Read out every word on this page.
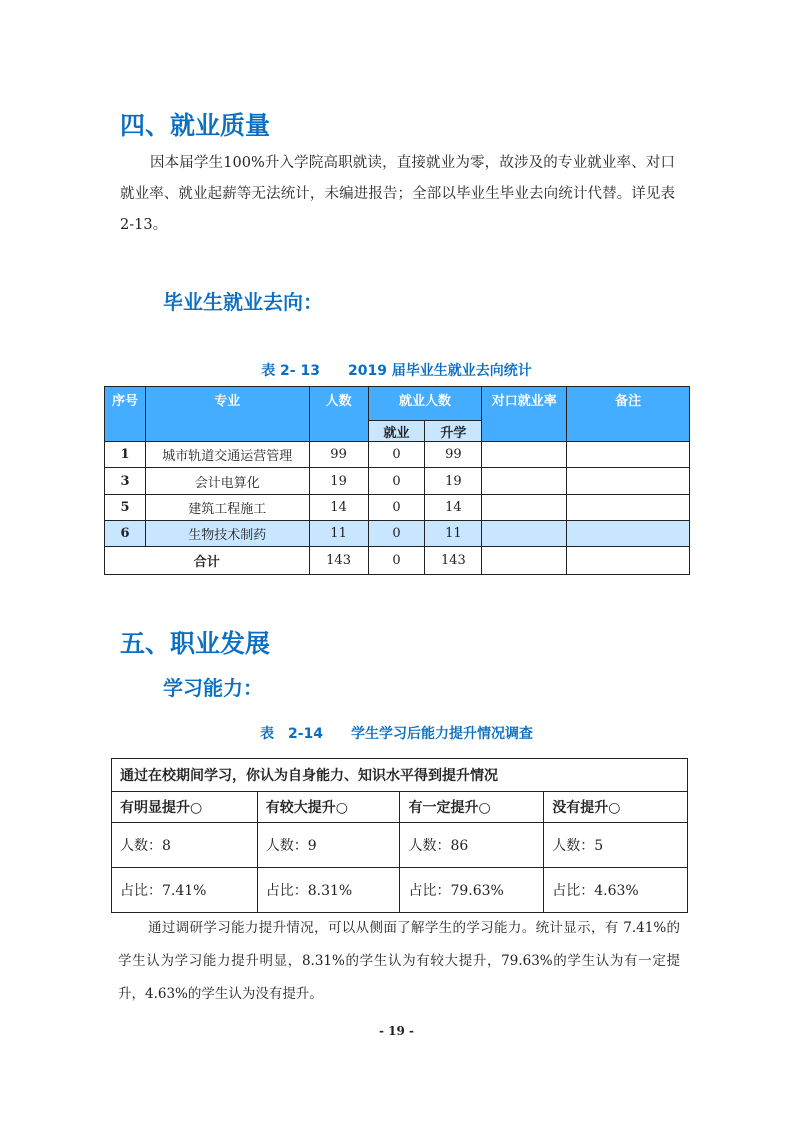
四、就业质量
因本届学生100%升入学院高职就读，直接就业为零，故涉及的专业就业率、对口就业率、就业起薪等无法统计，未编进报告；全部以毕业生毕业去向统计代替。详见表 2-13。
毕业生就业去向：
表 2- 13　　2019 届毕业生就业去向统计
序号	专业	人数	就业人数		对口就业率	备注
			就业	升学		
1	城市轨道交通运营管理	99	0	99		
3	会计电算化	19	0	19		
5	建筑工程施工	14	0	14		
6	生物技术制药	11	0	11		
合计		143	0	143		
五、职业发展
学习能力：
表　2-14　　学生学习后能力提升情况调查
通过在校期间学习，你认为自身能力、知识水平得到提升情况			
有明显提升○	有较大提升○	有一定提升○	没有提升○
人数：8	人数：9	人数：86	人数：5
占比：7.41%	占比：8.31%	占比：79.63%	占比：4.63%
通过调研学习能力提升情况，可以从侧面了解学生的学习能力。统计显示，有 7.41%的学生认为学习能力提升明显，8.31%的学生认为有较大提升，79.63%的学生认为有一定提升，4.63%的学生认为没有提升。
- 19 -
